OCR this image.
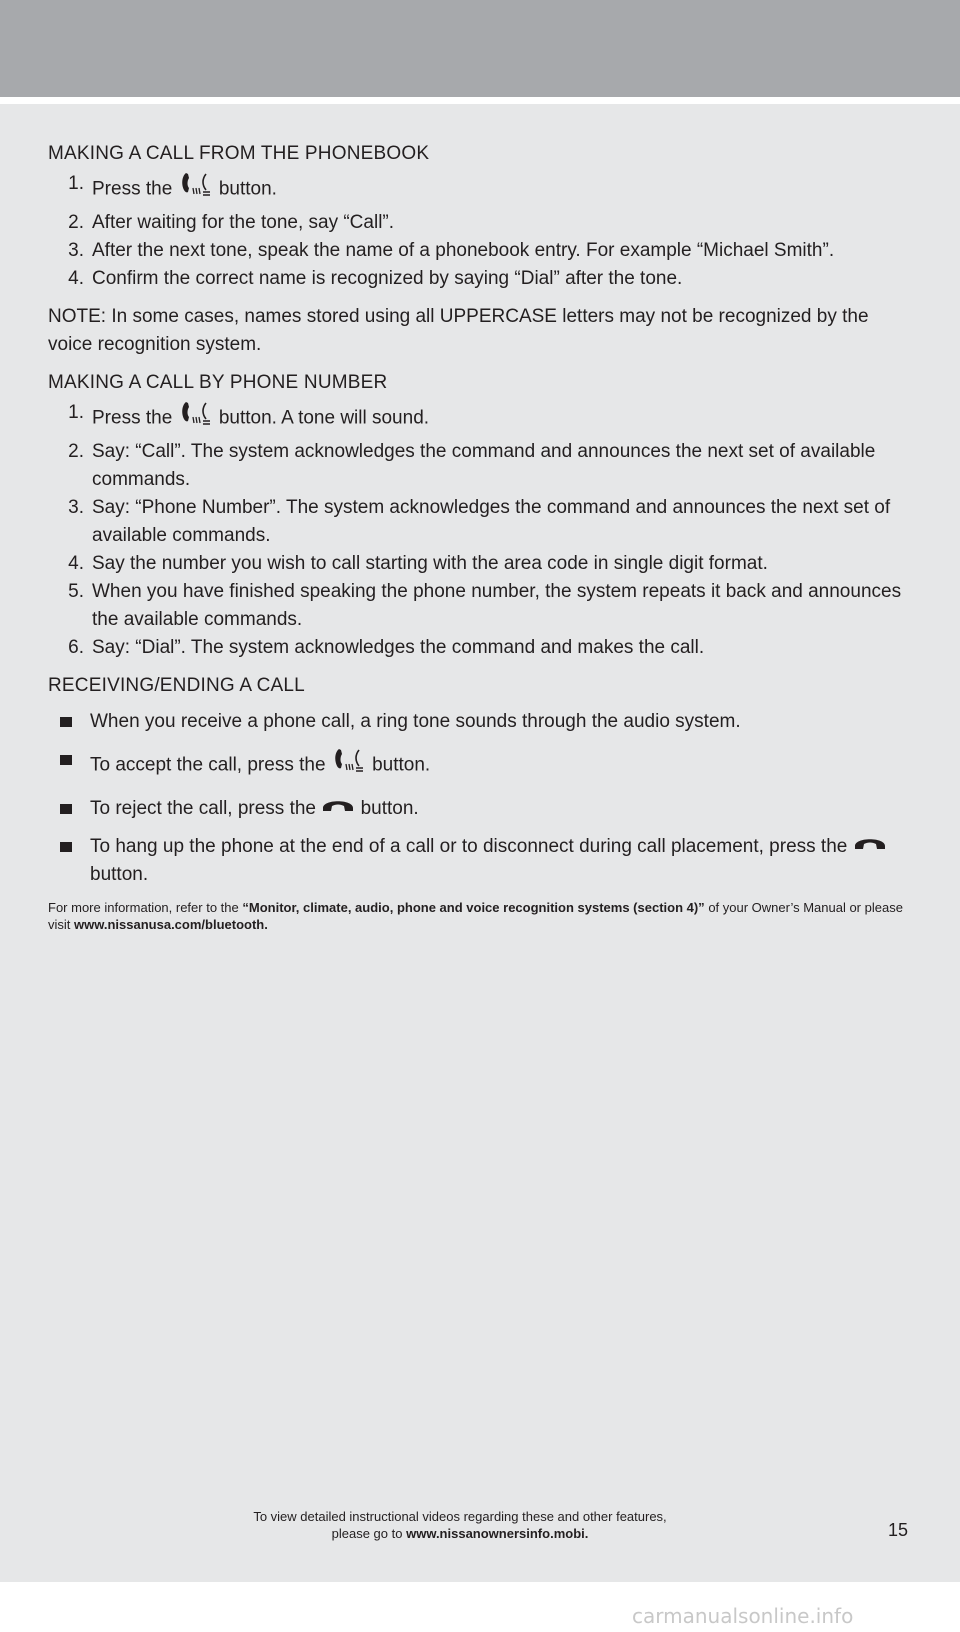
MAKING A CALL FROM THE PHONEBOOK
1. Press the button.
2. After waiting for the tone, say “Call”.
3. After the next tone, speak the name of a phonebook entry. For example “Michael Smith”.
4. Confirm the correct name is recognized by saying “Dial” after the tone.
NOTE: In some cases, names stored using all UPPERCASE letters may not be recognized by the voice recognition system.
MAKING A CALL BY PHONE NUMBER
1. Press the button. A tone will sound.
2. Say: “Call”. The system acknowledges the command and announces the next set of available commands.
3. Say: “Phone Number”. The system acknowledges the command and announces the next set of available commands.
4. Say the number you wish to call starting with the area code in single digit format.
5. When you have finished speaking the phone number, the system repeats it back and announces the available commands.
6. Say: “Dial”. The system acknowledges the command and makes the call.
RECEIVING/ENDING A CALL
When you receive a phone call, a ring tone sounds through the audio system.
To accept the call, press the button.
To reject the call, press the button.
To hang up the phone at the end of a call or to disconnect during call placement, press the  button.
For more information, refer to the “Monitor, climate, audio, phone and voice recognition systems (section 4)” of your Owner’s Manual or please visit www.nissanusa.com/bluetooth.
To view detailed instructional videos regarding these and other features,
please go to www.nissanownersinfo.mobi.	15
carmanualsonline.info
